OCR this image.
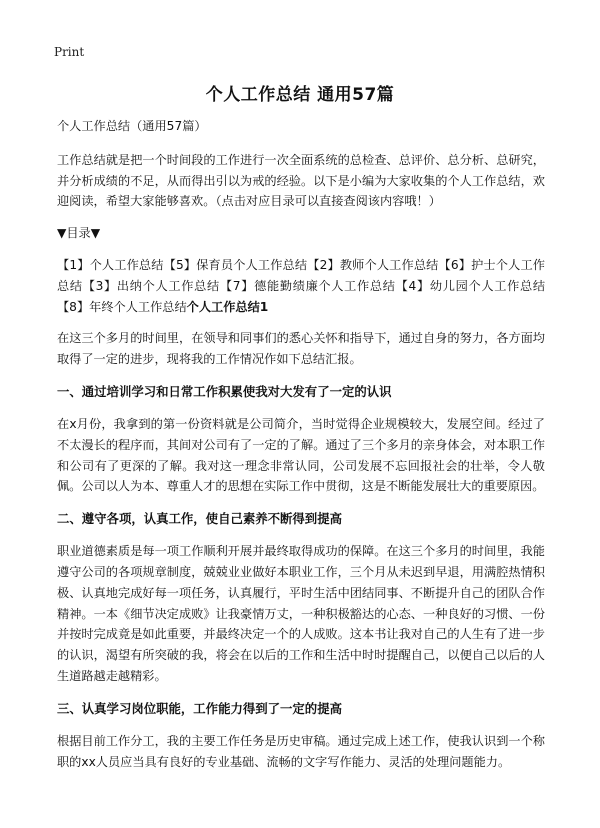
Print
个人工作总结 通用57篇

个人工作总结（通用57篇）

工作总结就是把一个时间段的工作进行一次全面系统的总检查、总评价、总分析、总研究，并分析成绩的不足，从而得出引以为戒的经验。以下是小编为大家收集的个人工作总结，欢迎阅读，希望大家能够喜欢。（点击对应目录可以直接查阅该内容哦！）

▼目录▼

【1】个人工作总结【5】保育员个人工作总结【2】教师个人工作总结【6】护士个人工作总结【3】出纳个人工作总结【7】德能勤绩廉个人工作总结【4】幼儿园个人工作总结【8】年终个人工作总结个人工作总结1

在这三个多月的时间里，在领导和同事们的悉心关怀和指导下，通过自身的努力，各方面均取得了一定的进步，现将我的工作情况作如下总结汇报。

一、通过培训学习和日常工作积累使我对大发有了一定的认识

在x月份，我拿到的第一份资料就是公司简介，当时觉得企业规模较大，发展空间。经过了不太漫长的程序而，其间对公司有了一定的了解。通过了三个多月的亲身体会，对本职工作和公司有了更深的了解。我对这一理念非常认同，公司发展不忘回报社会的壮举，令人敬佩。公司以人为本、尊重人才的思想在实际工作中贯彻，这是不断能发展壮大的重要原因。

二、遵守各项，认真工作，使自己素养不断得到提高

职业道德素质是每一项工作顺利开展并最终取得成功的保障。在这三个多月的时间里，我能遵守公司的各项规章制度，兢兢业业做好本职业工作，三个月从未迟到早退，用满腔热情积极、认真地完成好每一项任务，认真履行，平时生活中团结同事、不断提升自己的团队合作精神。一本《细节决定成败》让我豪情万丈，一种积极豁达的心态、一种良好的习惯、一份并按时完成竟是如此重要，并最终决定一个的人成败。这本书让我对自己的人生有了进一步的认识，渴望有所突破的我，将会在以后的工作和生活中时时提醒自己，以便自己以后的人生道路越走越精彩。

三、认真学习岗位职能，工作能力得到了一定的提高

根据目前工作分工，我的主要工作任务是历史审稿。通过完成上述工作，使我认识到一个称职的xx人员应当具有良好的专业基础、流畅的文字写作能力、灵活的处理问题能力。
